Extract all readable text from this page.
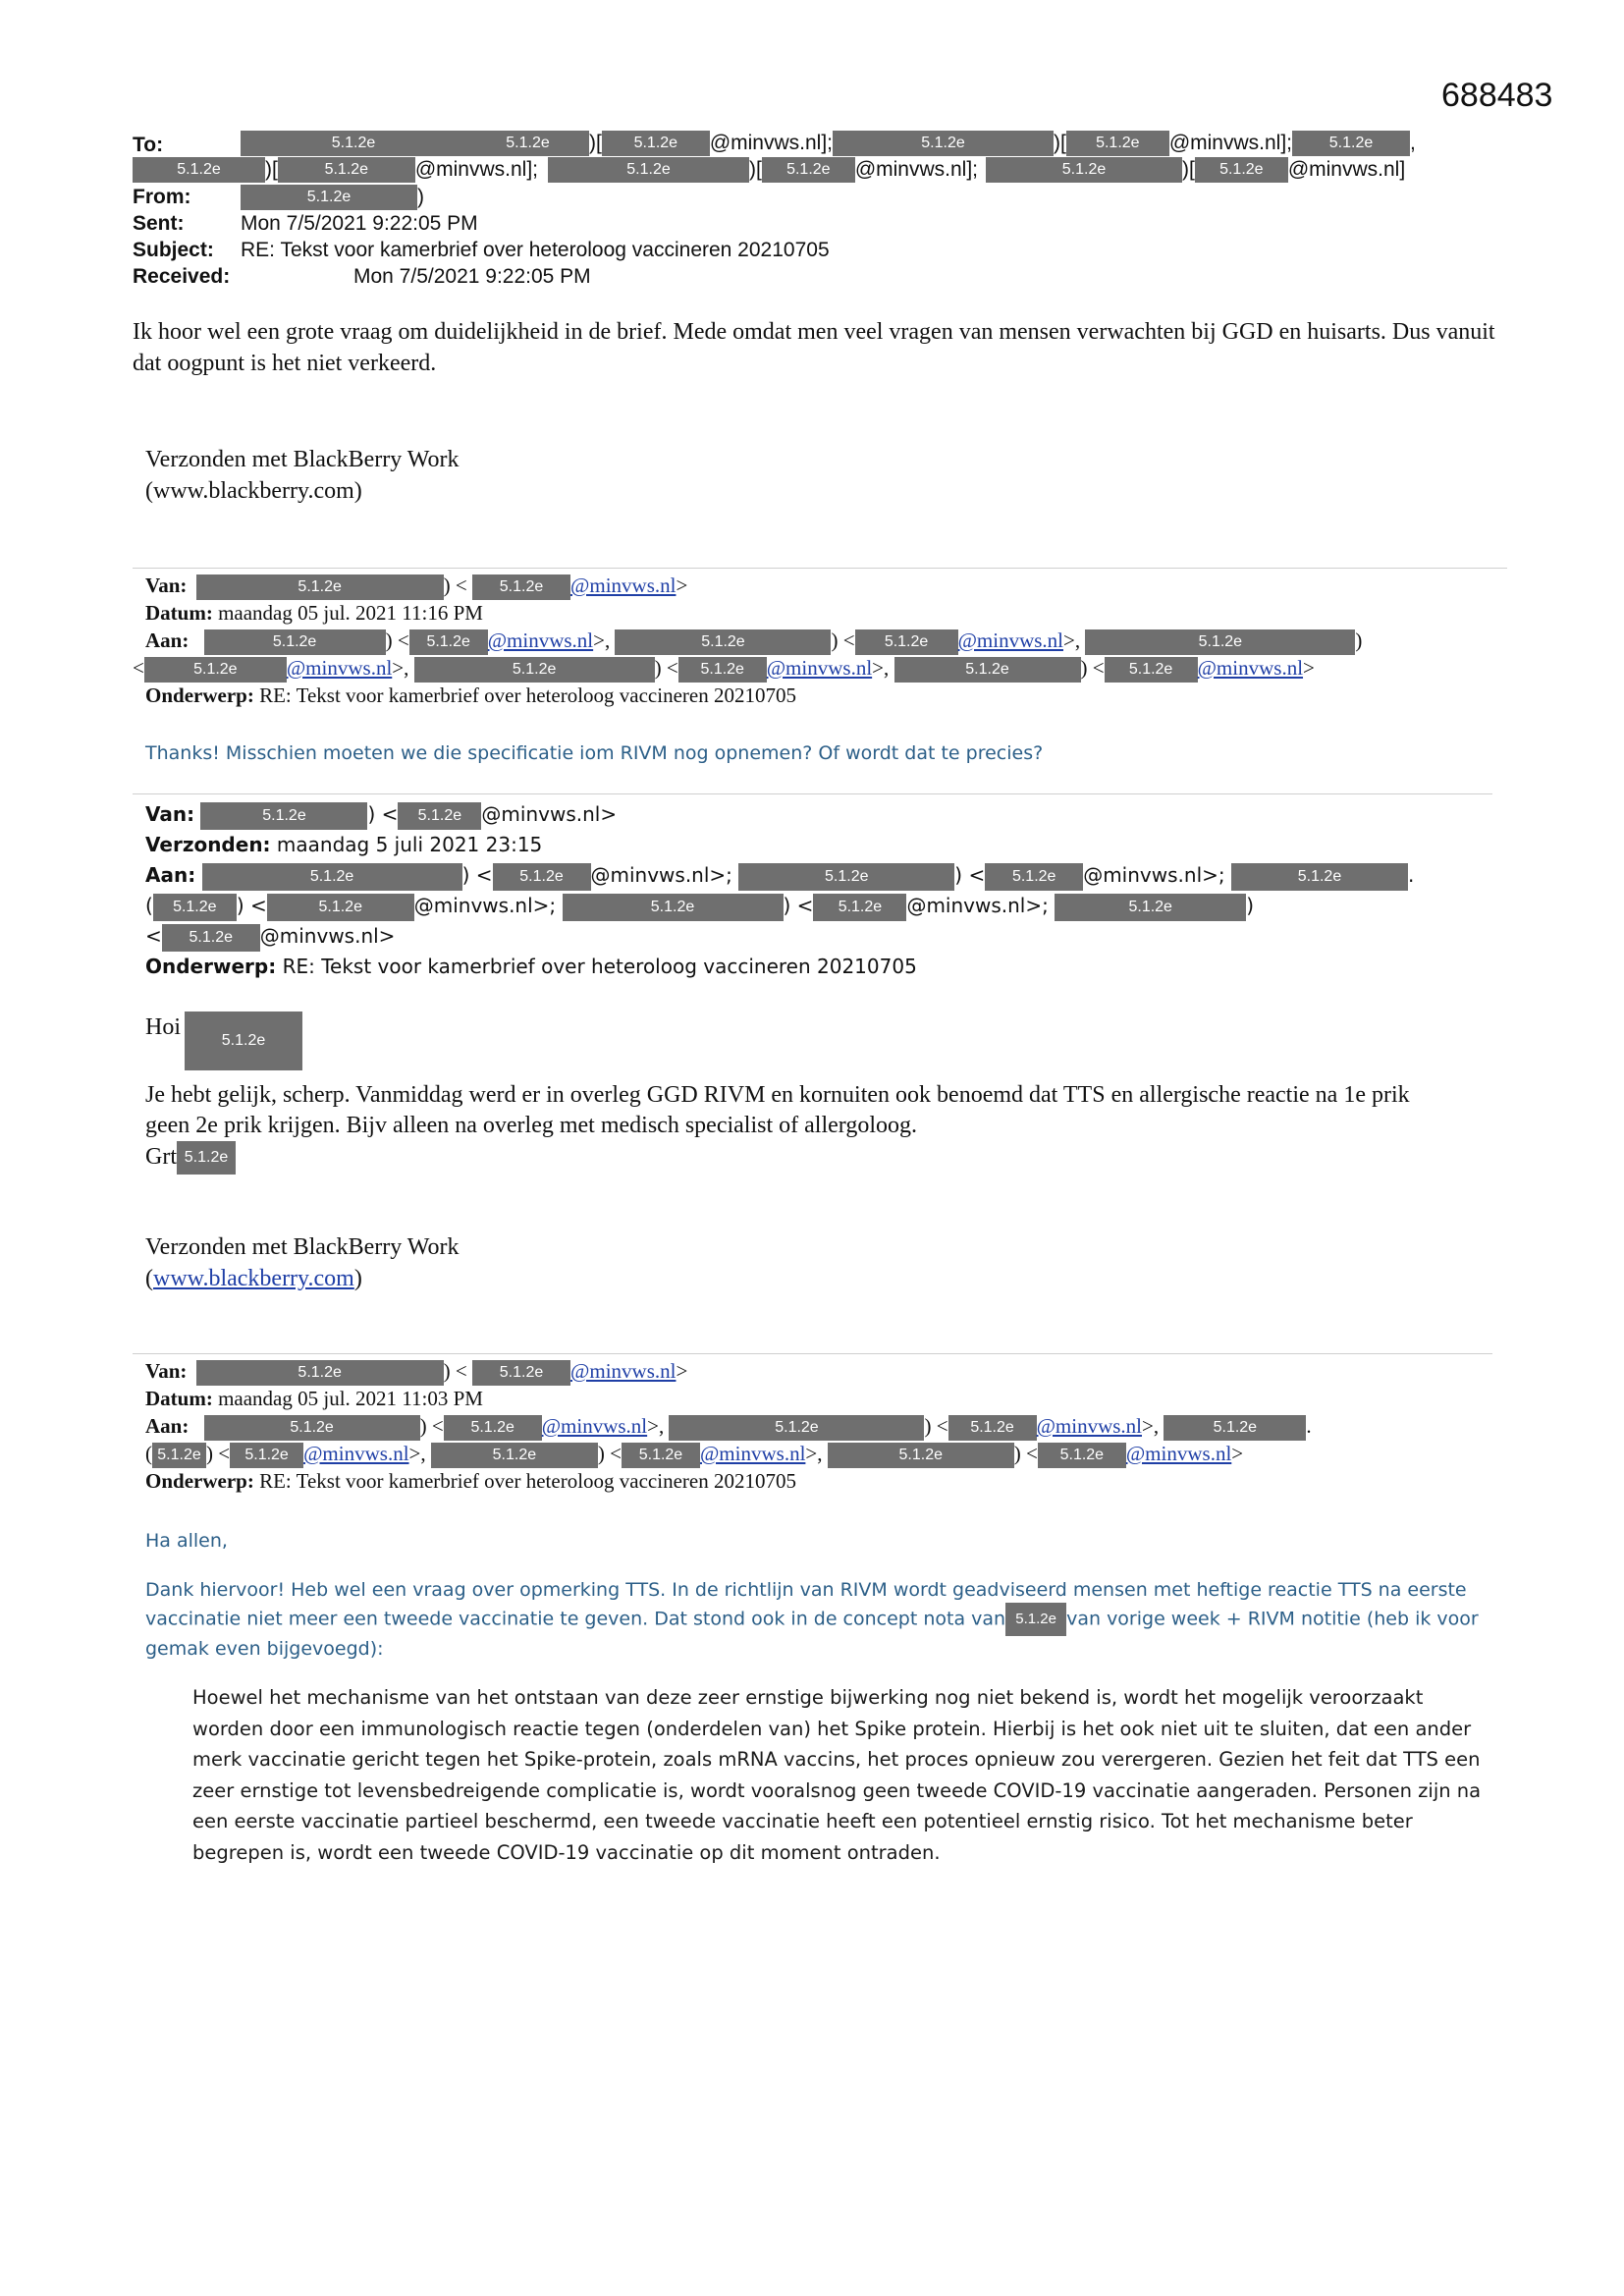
688483
To:	5.1.2e	5.1.2e )[ 5.1.2e @minvws.nl];	5.1.2e	)[ 5.1.2e @minvws.nl]; 5.1.2e ,
5.1.2e )[	5.1.2e @minvws.nl];	5.1.2e	)[ 5.1.2e @minvws.nl];	5.1.2e	)[ 5.1.2e @minvws.nl]
From:	5.1.2e	)
Sent:	Mon 7/5/2021 9:22:05 PM
Subject: RE: Tekst voor kamerbrief over heteroloog vaccineren 20210705
Received:	Mon 7/5/2021 9:22:05 PM
Ik hoor wel een grote vraag om duidelijkheid in de brief. Mede omdat men veel vragen van mensen verwachten bij GGD en huisarts. Dus vanuit dat oogpunt is het niet verkeerd.
Verzonden met BlackBerry Work
(www.blackberry.com)
Van:	5.1.2e	) < 5.1.2e @minvws.nl>
Datum: maandag 05 jul. 2021 11:16 PM
Aan:	5.1.2e	) < 5.1.2e @minvws.nl>,	5.1.2e	) < 5.1.2e @minvws.nl>,	5.1.2e	)
<	5.1.2e @minvws.nl>,	5.1.2e	) < 5.1.2e @minvws.nl>,	5.1.2e	) < 5.1.2e @minvws.nl>
Onderwerp: RE: Tekst voor kamerbrief over heteroloog vaccineren 20210705
Thanks! Misschien moeten we die specificatie iom RIVM nog opnemen? Of wordt dat te precies?
Van:	5.1.2e	) < 5.1.2e @minvws.nl>
Verzonden: maandag 5 juli 2021 23:15
Aan:	5.1.2e	) < 5.1.2e @minvws.nl>;	5.1.2e	) < 5.1.2e @minvws.nl>;	5.1.2e	.
( 5.1.2e ) <	5.1.2e	@minvws.nl>;	5.1.2e	) < 5.1.2e @minvws.nl>;	5.1.2e	)
< 5.1.2e @minvws.nl>
Onderwerp: RE: Tekst voor kamerbrief over heteroloog vaccineren 20210705
Hoi5.1.2e
Je hebt gelijk, scherp. Vanmiddag werd er in overleg GGD RIVM en kornuiten ook benoemd dat TTS en allergische reactie na 1e prik geen 2e prik krijgen. Bijv alleen na overleg met medisch specialist of allergoloog.
Grt 5.1.2e
Verzonden met BlackBerry Work
(www.blackberry.com)
Van:	5.1.2e	) < 5.1.2e @minvws.nl>
Datum: maandag 05 jul. 2021 11:03 PM
Aan:	5.1.2e	) < 5.1.2e @minvws.nl>,	5.1.2e	) < 5.1.2e @minvws.nl>,	5.1.2e .
( 5.1.2e ) < 5.1.2e @minvws.nl>,	5.1.2e	) < 5.1.2e @minvws.nl>,	5.1.2e	) < 5.1.2e @minvws.nl>
Onderwerp: RE: Tekst voor kamerbrief over heteroloog vaccineren 20210705
Ha allen,
Dank hiervoor! Heb wel een vraag over opmerking TTS. In de richtlijn van RIVM wordt geadviseerd mensen met heftige reactie TTS na eerste vaccinatie niet meer een tweede vaccinatie te geven. Dat stond ook in de concept nota van 5.1.2e van vorige week + RIVM notitie (heb ik voor gemak even bijgevoegd):
Hoewel het mechanisme van het ontstaan van deze zeer ernstige bijwerking nog niet bekend is, wordt het mogelijk veroorzaakt worden door een immunologisch reactie tegen (onderdelen van) het Spike protein. Hierbij is het ook niet uit te sluiten, dat een ander merk vaccinatie gericht tegen het Spike-protein, zoals mRNA vaccins, het proces opnieuw zou verergeren. Gezien het feit dat TTS een zeer ernstige tot levensbedreigende complicatie is, wordt vooralsnog geen tweede COVID-19 vaccinatie aangeraden. Personen zijn na een eerste vaccinatie partieel beschermd, een tweede vaccinatie heeft een potentieel ernstig risico. Tot het mechanisme beter begrepen is, wordt een tweede COVID-19 vaccinatie op dit moment ontraden.
